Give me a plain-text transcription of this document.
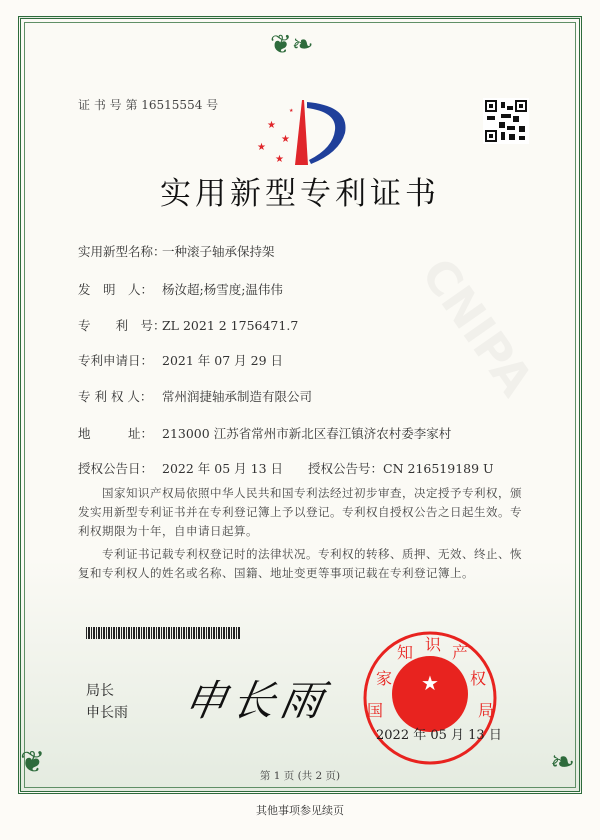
❦❧
❦	❧
证 书 号 第 16515554 号
★
★
★
★
★
实用新型专利证书
实用新型名称：一种滚子轴承保持架
发　明　人： 杨汝超;杨雪度;温伟伟
专　　利　号：ZL 2021 2 1756471.7
专利申请日： 2021 年 07 月 29 日
专 利 权 人： 常州润捷轴承制造有限公司
地　　　址： 213000 江苏省常州市新北区春江镇济农村委李家村
授权公告日： 2022 年 05 月 13 日 授权公告号：CN 216519189 U
国家知识产权局依照中华人民共和国专利法经过初步审查，决定授予专利权，颁发实用新型专利证书并在专利登记簿上予以登记。专利权自授权公告之日起生效。专利权期限为十年，自申请日起算。
专利证书记载专利权登记时的法律状况。专利权的转移、质押、无效、终止、恢复和专利权人的姓名或名称、国籍、地址变更等事项记载在专利登记簿上。
局长
申长雨 申长雨	★
国
家
知 识 产
权
局
2022 年 05 月 13 日
第 1 页 (共 2 页)
其他事项参见续页
